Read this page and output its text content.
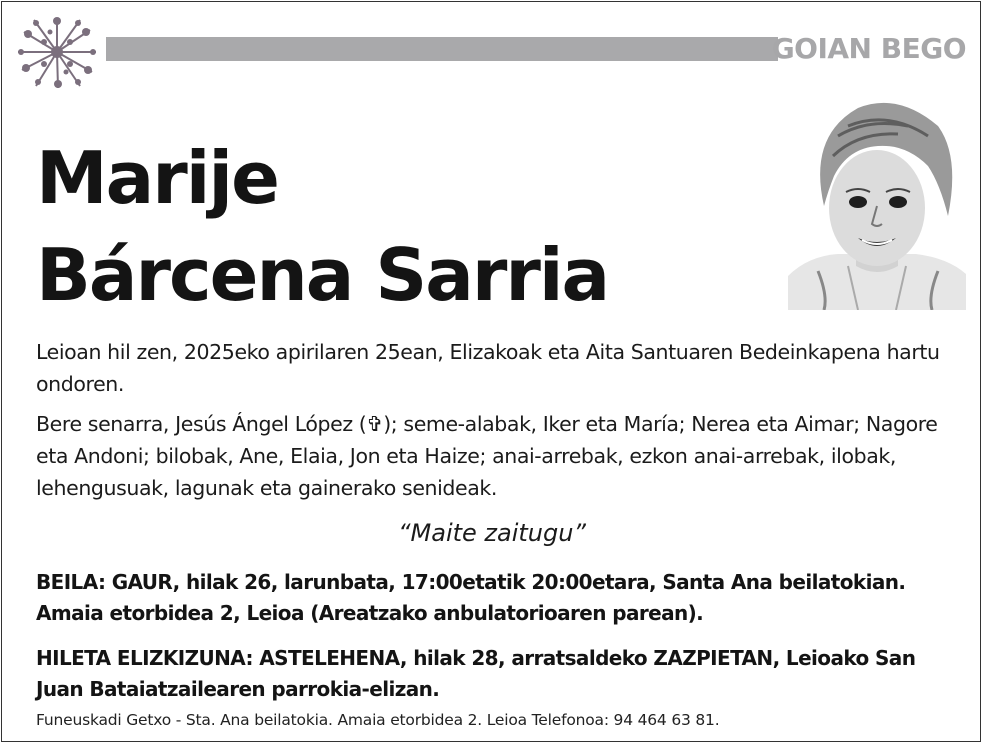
GOIAN BEGO
Marije
Bárcena Sarria
Leioan hil zen, 2025eko apirilaren 25ean, Elizakoak eta Aita Santuaren Bedeinkapena hartu ondoren.
Bere senarra, Jesús Ángel López (✞); seme-alabak, Iker eta María; Nerea eta Aimar; Nagore eta Andoni; bilobak, Ane, Elaia, Jon eta Haize; anai-arrebak, ezkon anai-arrebak, ilobak, lehengusuak, lagunak eta gainerako senideak.
“Maite zaitugu”
BEILA: GAUR, hilak 26, larunbata, 17:00etatik 20:00etara, Santa Ana beilatokian. Amaia etorbidea 2, Leioa (Areatzako anbulatorioaren parean).
HILETA ELIZKIZUNA: ASTELEHENA, hilak 28, arratsaldeko ZAZPIETAN, Leioako San Juan Bataiatzailearen parrokia-elizan.
Funeuskadi Getxo - Sta. Ana beilatokia. Amaia etorbidea 2. Leioa Telefonoa: 94 464 63 81.
